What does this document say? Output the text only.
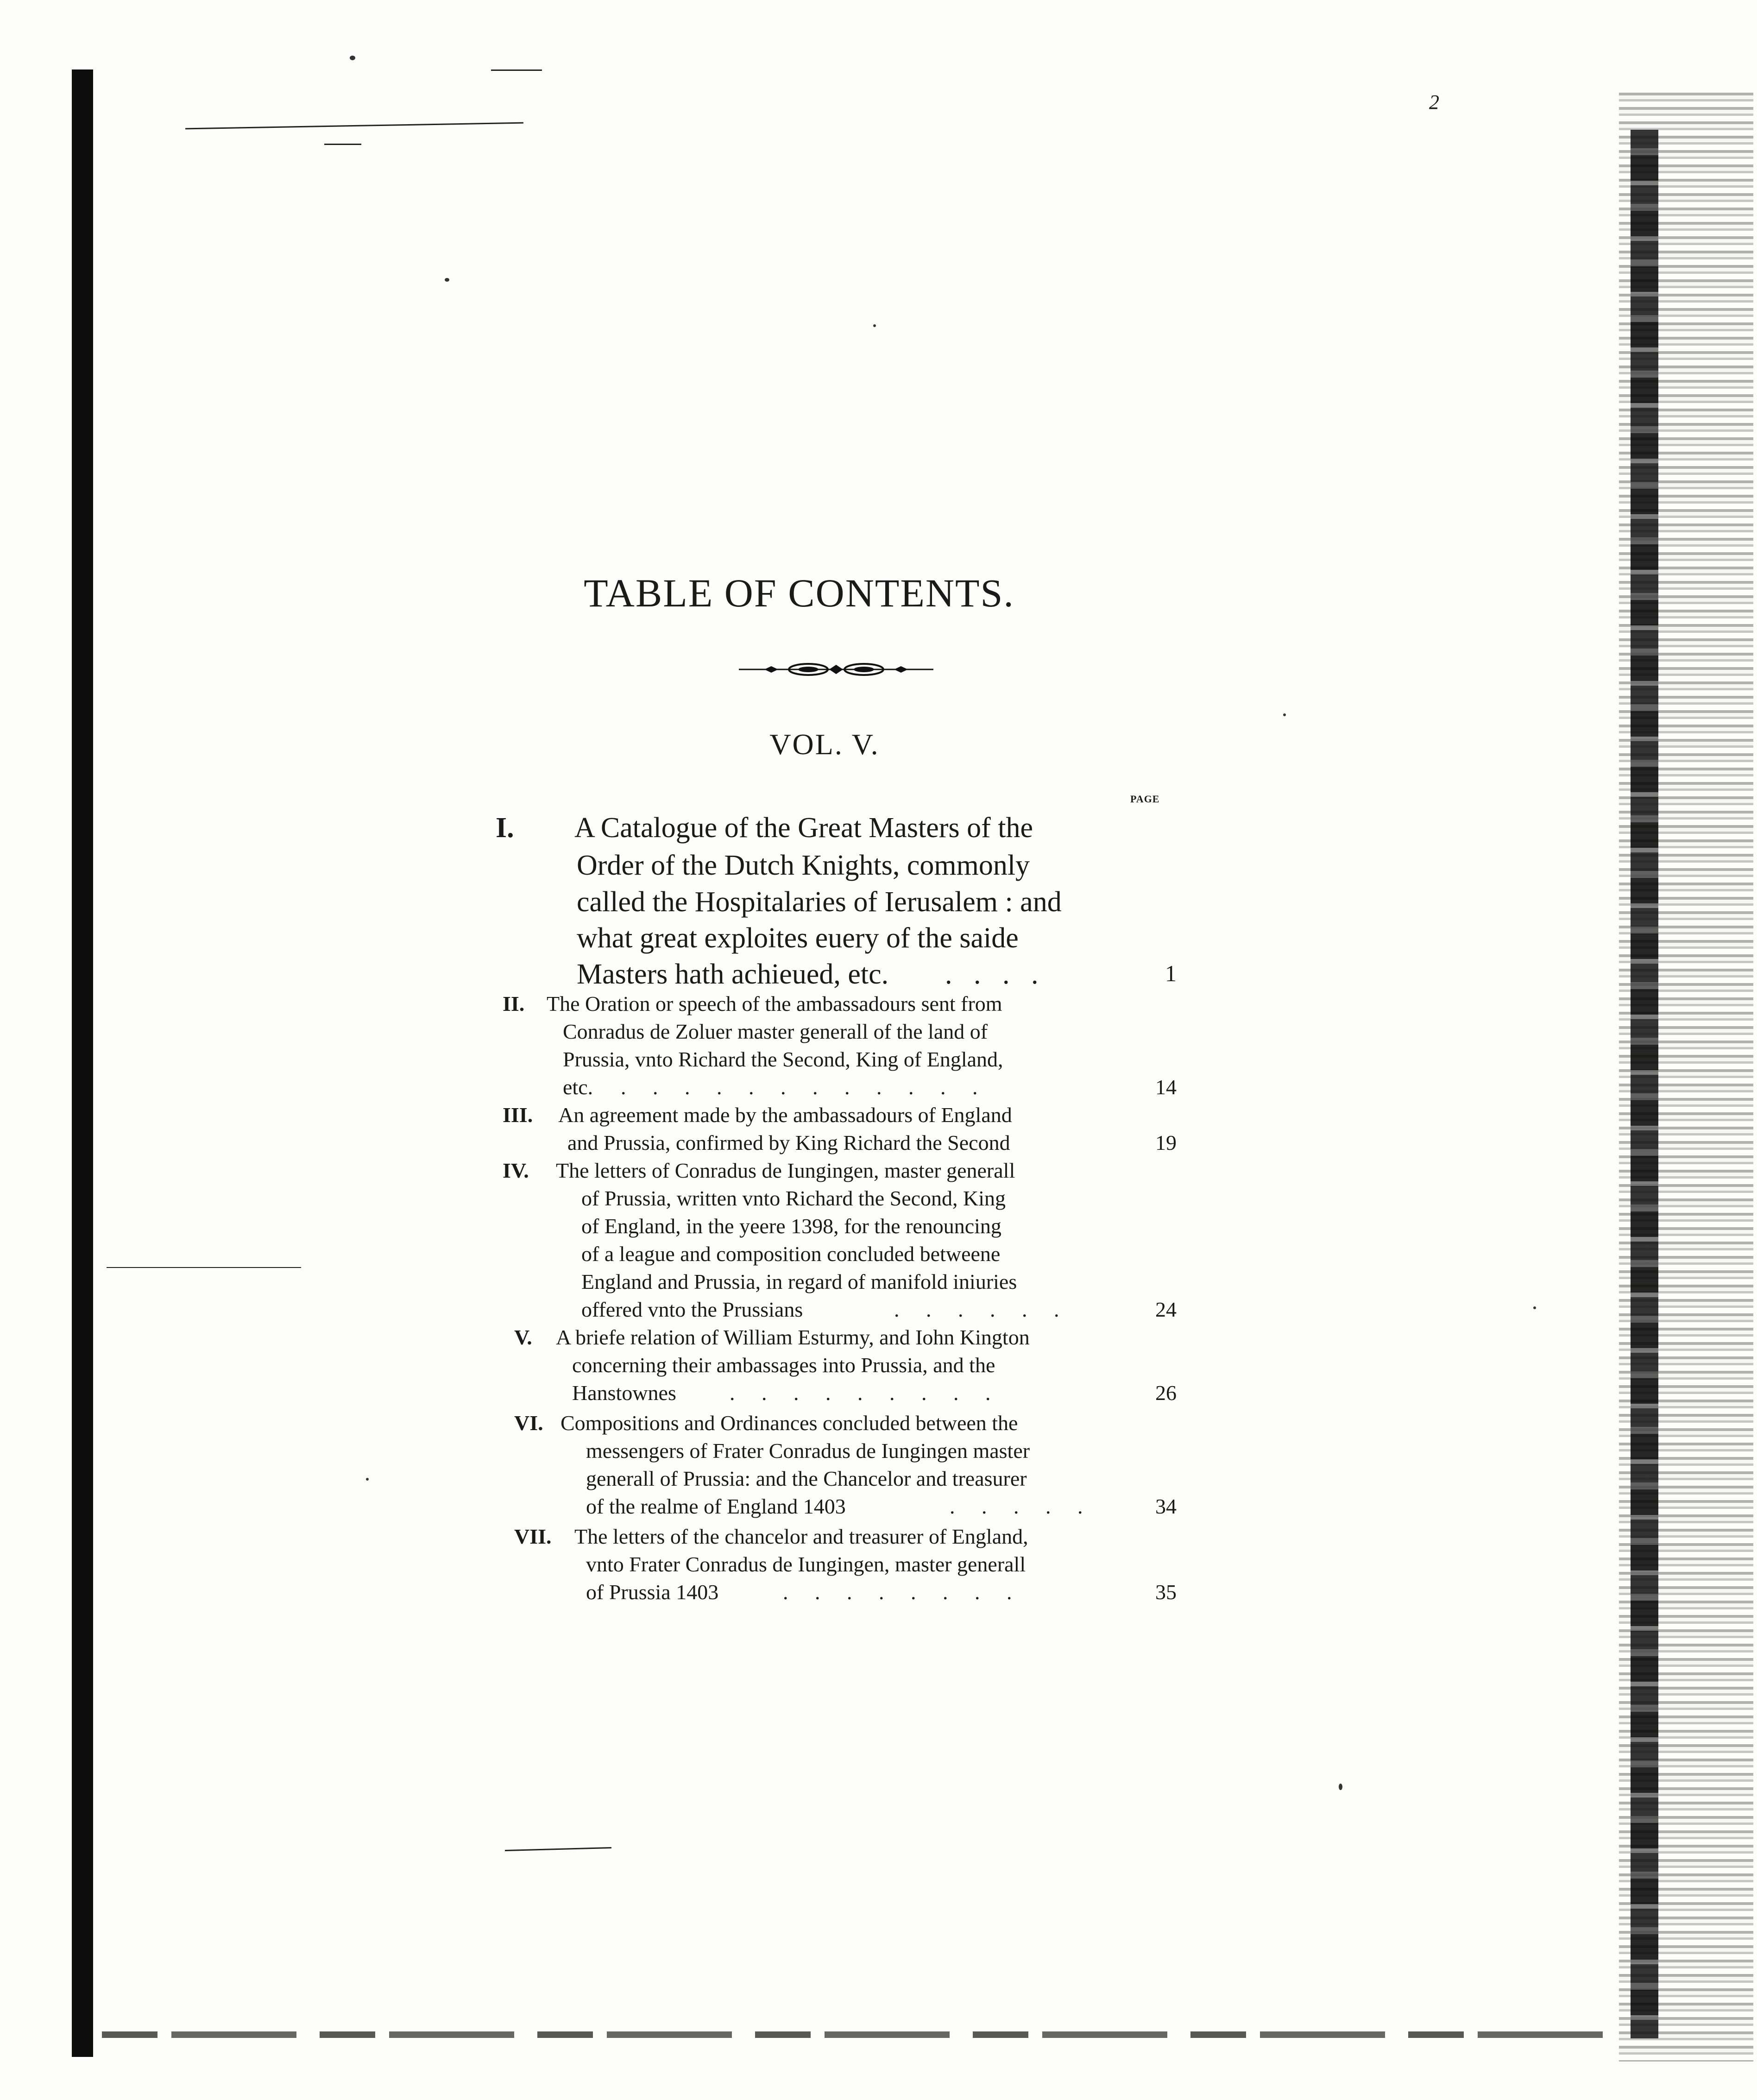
2
TABLE OF CONTENTS.
VOL. V.
PAGE
I. A Catalogue of the Great Masters of the
Order of the Dutch Knights, commonly
called the Hospitalaries of Ierusalem : and
what great exploites euery of the saide
Masters hath achieued, etc. .   .   .   .	1
II. The Oration or speech of the ambassadours sent from
Conradus de Zoluer master generall of the land of
Prussia, vnto Richard the Second, King of England,
etc. .     .     .     .     .     .     .     .     .     .     .     .	14
III. An agreement made by the ambassadours of England
and Prussia, confirmed by King Richard the Second	19
IV. The letters of Conradus de Iungingen, master generall
of Prussia, written vnto Richard the Second, King
of England, in the yeere 1398, for the renouncing
of a league and composition concluded betweene
England and Prussia, in regard of manifold iniuries
offered vnto the Prussians	.     .     .     .     .     .	24
V. A briefe relation of William Esturmy, and Iohn Kington
concerning their ambassages into Prussia, and the
Hanstownes	.     .     .     .     .     .     .     .     .	26
VI. Compositions and Ordinances concluded between the
messengers of Frater Conradus de Iungingen master
generall of Prussia: and the Chancelor and treasurer
of the realme of England 1403	.     .     .     .     .	34
VII. The letters of the chancelor and treasurer of England,
vnto Frater Conradus de Iungingen, master generall
of Prussia 1403	.     .     .     .     .     .     .     .	35
